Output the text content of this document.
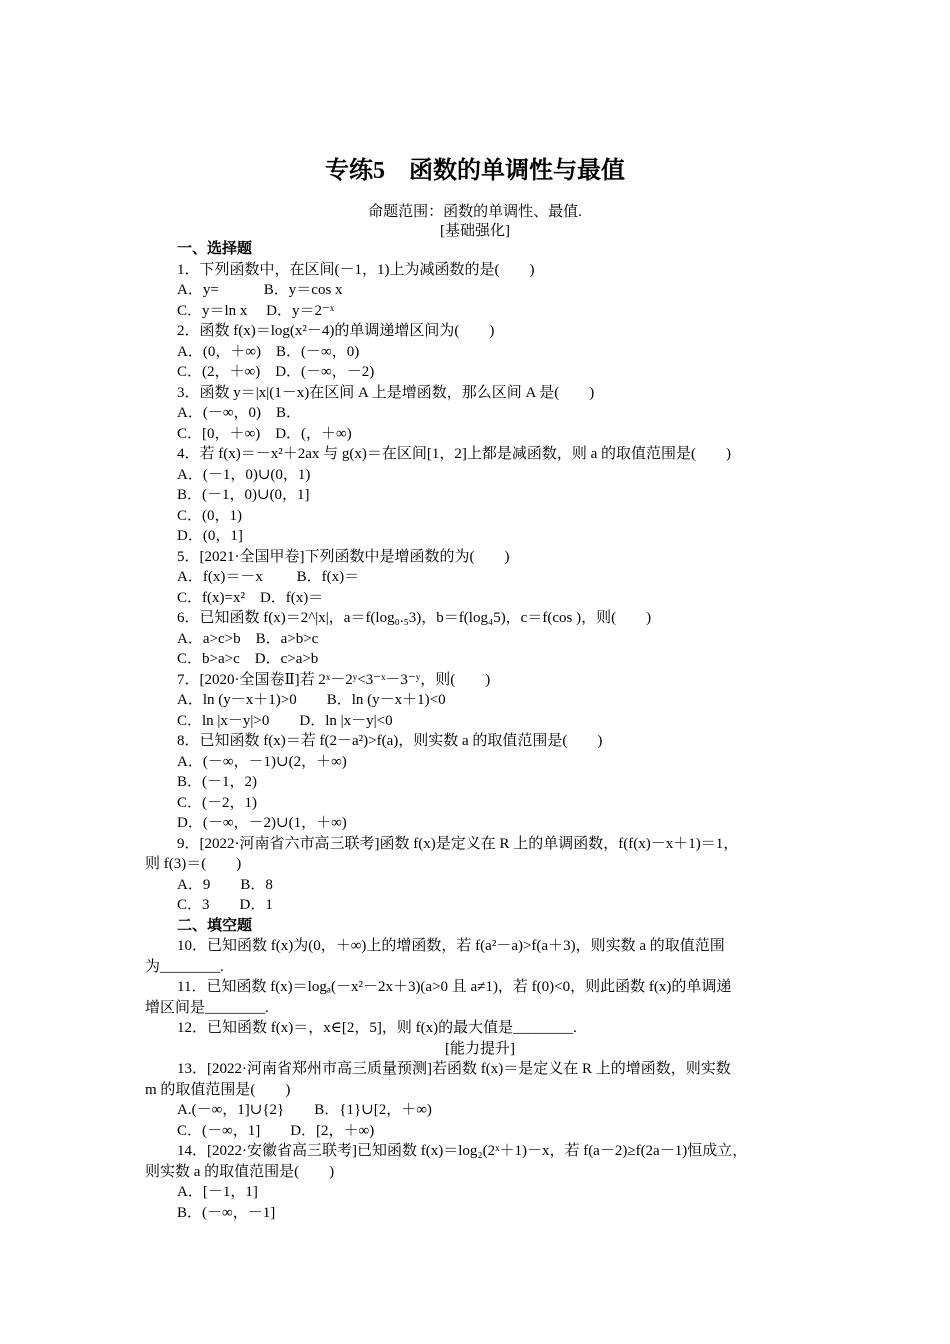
专练5　函数的单调性与最值
命题范围：函数的单调性、最值.
[基础强化]
一、选择题
1．下列函数中，在区间(－1，1)上为减函数的是(　　)
A．y=　　　B．y＝cos x
C．y＝ln x　 D．y＝2⁻ˣ
2．函数 f(x)＝log(x²－4)的单调递增区间为(　　)
A．(0，＋∞)　B．(－∞，0)
C．(2，＋∞)　D．(－∞，－2)
3．函数 y＝|x|(1－x)在区间 A 上是增函数，那么区间 A 是(　　)
A．(－∞，0)　B．
C．[0，＋∞)　D．(，＋∞)
4．若 f(x)＝－x²＋2ax 与 g(x)＝在区间[1，2]上都是减函数，则 a 的取值范围是(　　)
A．(－1，0)∪(0，1)
B．(－1，0)∪(0，1]
C．(0，1)
D．(0，1]
5．[2021·全国甲卷]下列函数中是增函数的为(　　)
A．f(x)＝－x　　 B．f(x)＝
C．f(x)=x²　D．f(x)＝
6．已知函数 f(x)＝2^|x|，a＝f(log₀.₅3)，b＝f(log₄5)，c＝f(cos )，则(　　)
A．a>c>b　B．a>b>c
C．b>a>c　D．c>a>b
7．[2020·全国卷Ⅱ]若 2ˣ－2ʸ<3⁻ˣ－3⁻ʸ，则(　　)
A．ln (y－x＋1)>0　　B．ln (y－x＋1)<0
C．ln |x－y|>0　　D．ln |x－y|<0
8．已知函数 f(x)＝若 f(2－a²)>f(a)，则实数 a 的取值范围是(　　)
A．(－∞，－1)∪(2，＋∞)
B．(－1，2)
C．(－2，1)
D．(－∞，－2)∪(1，＋∞)
9．[2022·河南省六市高三联考]函数 f(x)是定义在 R 上的单调函数，f(f(x)－x＋1)＝1，
则 f(3)＝(　　)
A．9　　B．8
C．3　　D．1
二、填空题
10．已知函数 f(x)为(0，＋∞)上的增函数，若 f(a²－a)>f(a＋3)，则实数 a 的取值范围
为________.
11．已知函数 f(x)＝logₐ(－x²－2x＋3)(a>0 且 a≠1)，若 f(0)<0，则此函数 f(x)的单调递
增区间是________.
12．已知函数 f(x)＝，x∈[2，5]，则 f(x)的最大值是________.
[能力提升]
13．[2022·河南省郑州市高三质量预测]若函数 f(x)＝是定义在 R 上的增函数，则实数
m 的取值范围是(　　)
A.(－∞，1]∪{2}　　B．{1}∪[2，＋∞)
C．(－∞，1]　　D．[2，＋∞)
14．[2022·安徽省高三联考]已知函数 f(x)＝log₂(2ˣ＋1)－x，若 f(a－2)≥f(2a－1)恒成立，
则实数 a 的取值范围是(　　)
A．[－1，1]
B．(－∞，－1]
